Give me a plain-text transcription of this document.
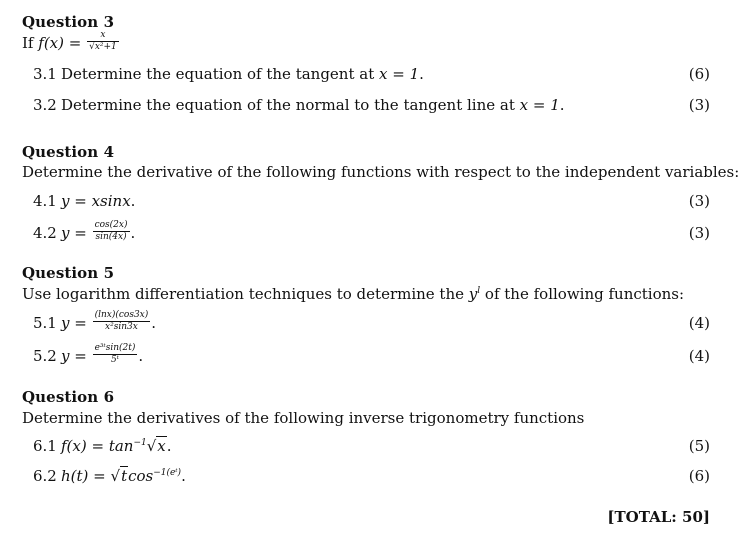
Question 3
If $f(x) = \frac{x}{\text{√x²+1}}$
3.1 Determine the equation of the tangent at x = 1.	(6)
3.2 Determine the equation of the normal to the tangent line at x = 1.	(3)
Question 4
Determine the derivative of the following functions with respect to the independent variables:
4.1 y = xsinx.	(3)
4.2 $y = \frac{\cos(2x)}{\sin(4x)}$ .	(3)
Question 5
Use logarithm differentiation techniques to determine the $y^l$ of the following functions:
5.1 $y = \frac{(\ln x)(\cos 3x)}{\text{x²sin3x}}$ .	(4)
5.2 $y = \frac{\text{e³ᵗsin(2t)}}{\text{5ᵗ}}$ .	(4)
Question 6
Determine the derivatives of the following inverse trigonometry functions
6.1 $f(x) = \tan^{-1}√x$.	(5)
6.2 h(t) = √tcos$^{-1(eᵗ)}$.	(6)
[TOTAL: 50]
